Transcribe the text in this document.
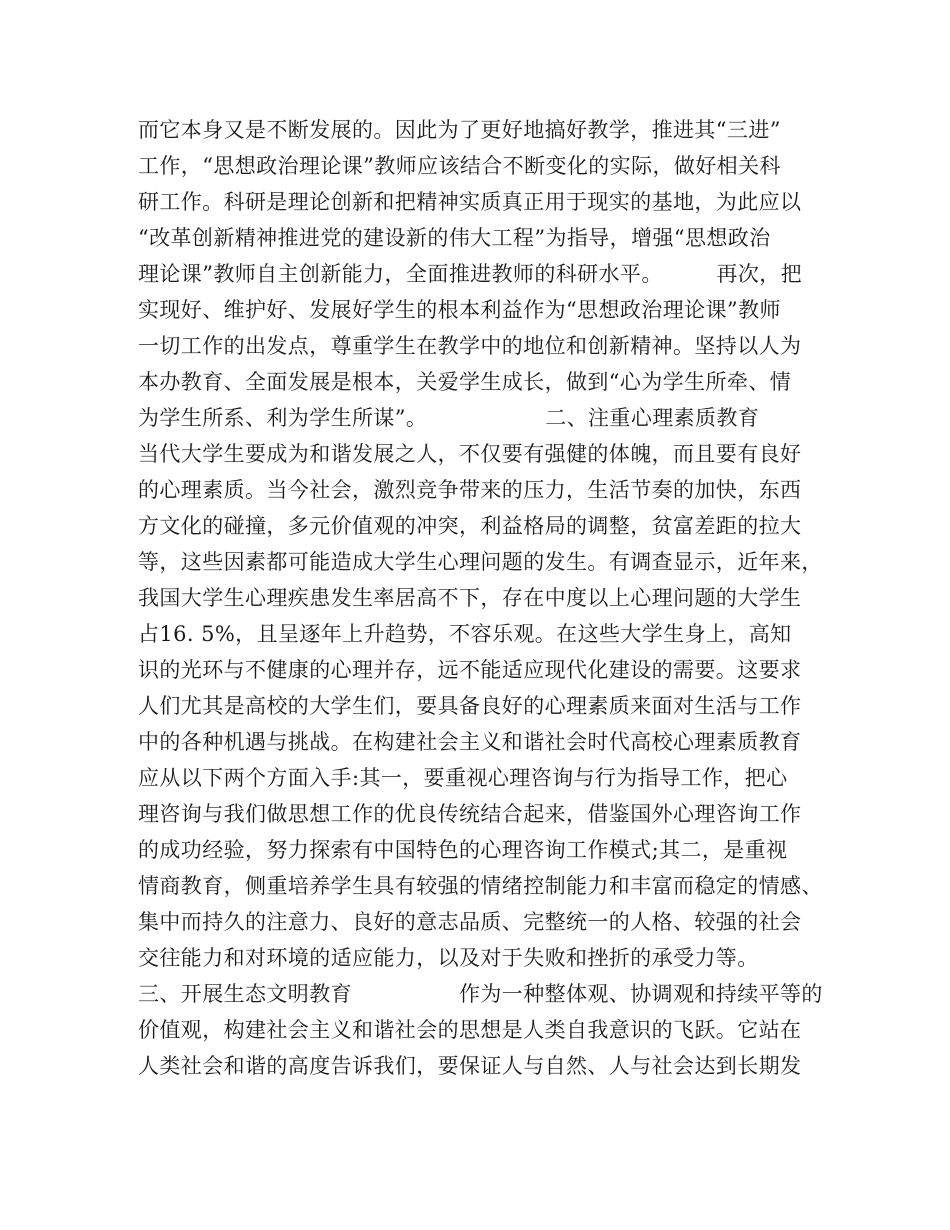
而它本身又是不断发展的。因此为了更好地搞好教学，推进其“三进”
工作，“思想政治理论课”教师应该结合不断变化的实际，做好相关科
研工作。科研是理论创新和把精神实质真正用于现实的基地，为此应以
“改革创新精神推进党的建设新的伟大工程”为指导，增强“思想政治
理论课”教师自主创新能力，全面推进教师的科研水平。　　　再次，把
实现好、维护好、发展好学生的根本利益作为“思想政治理论课”教师
一切工作的出发点，尊重学生在教学中的地位和创新精神。坚持以人为
本办教育、全面发展是根本，关爱学生成长，做到“心为学生所牵、情
为学生所系、利为学生所谋”。　　　　　　二、注重心理素质教育
当代大学生要成为和谐发展之人，不仅要有强健的体魄，而且要有良好
的心理素质。当今社会，激烈竞争带来的压力，生活节奏的加快，东西
方文化的碰撞，多元价值观的冲突，利益格局的调整，贫富差距的拉大
等，这些因素都可能造成大学生心理问题的发生。有调查显示，近年来，
我国大学生心理疾患发生率居高不下，存在中度以上心理问题的大学生
占16. 5%，且呈逐年上升趋势，不容乐观。在这些大学生身上，高知
识的光环与不健康的心理并存，远不能适应现代化建设的需要。这要求
人们尤其是高校的大学生们，要具备良好的心理素质来面对生活与工作
中的各种机遇与挑战。在构建社会主义和谐社会时代高校心理素质教育
应从以下两个方面入手:其一，要重视心理咨询与行为指导工作，把心
理咨询与我们做思想工作的优良传统结合起来，借鉴国外心理咨询工作
的成功经验，努力探索有中国特色的心理咨询工作模式;其二，是重视
情商教育，侧重培养学生具有较强的情绪控制能力和丰富而稳定的情感、
集中而持久的注意力、良好的意志品质、完整统一的人格、较强的社会
交往能力和对环境的适应能力，以及对于失败和挫折的承受力等。
三、开展生态文明教育　　　　　作为一种整体观、协调观和持续平等的
价值观，构建社会主义和谐社会的思想是人类自我意识的飞跃。它站在
人类社会和谐的高度告诉我们，要保证人与自然、人与社会达到长期发
